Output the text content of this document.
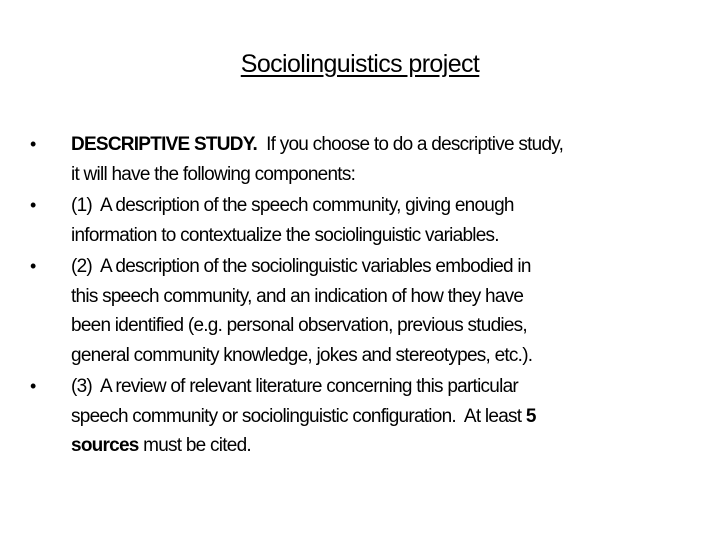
Sociolinguistics project
• DESCRIPTIVE STUDY.  If you choose to do a descriptive study,
it will have the following components:
• (1)  A description of the speech community, giving enough
information to contextualize the sociolinguistic variables.
• (2)  A description of the sociolinguistic variables embodied in
this speech community, and an indication of how they have
been identified (e.g. personal observation, previous studies,
general community knowledge, jokes and stereotypes, etc.).
• (3)  A review of relevant literature concerning this particular
speech community or sociolinguistic configuration.  At least 5
sources must be cited.
